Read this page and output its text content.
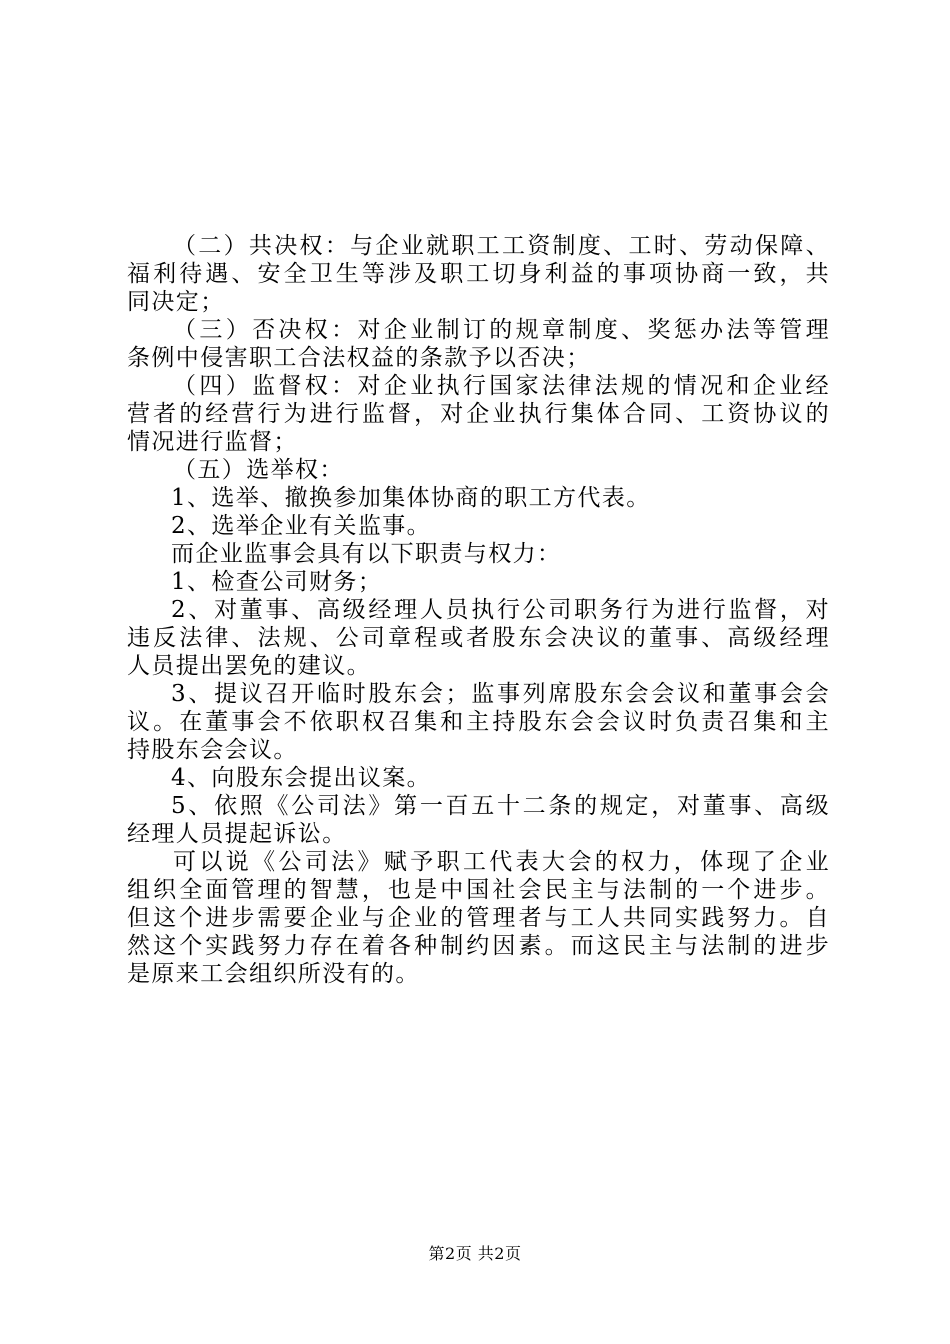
（二）共决权：与企业就职工工资制度、工时、劳动保障、
福利待遇、安全卫生等涉及职工切身利益的事项协商一致，共
同决定；
（三）否决权：对企业制订的规章制度、奖惩办法等管理
条例中侵害职工合法权益的条款予以否决；
（四）监督权：对企业执行国家法律法规的情况和企业经
营者的经营行为进行监督，对企业执行集体合同、工资协议的
情况进行监督；
（五）选举权：
1、选举、撤换参加集体协商的职工方代表。
2、选举企业有关监事。
而企业监事会具有以下职责与权力：
1、检查公司财务；
2、对董事、高级经理人员执行公司职务行为进行监督，对
违反法律、法规、公司章程或者股东会决议的董事、高级经理
人员提出罢免的建议。
3、提议召开临时股东会；监事列席股东会会议和董事会会
议。在董事会不依职权召集和主持股东会会议时负责召集和主
持股东会会议。
4、向股东会提出议案。
5、依照《公司法》第一百五十二条的规定，对董事、高级
经理人员提起诉讼。
可以说《公司法》赋予职工代表大会的权力，体现了企业
组织全面管理的智慧，也是中国社会民主与法制的一个进步。
但这个进步需要企业与企业的管理者与工人共同实践努力。自
然这个实践努力存在着各种制约因素。而这民主与法制的进步
是原来工会组织所没有的。
第2页 共2页
